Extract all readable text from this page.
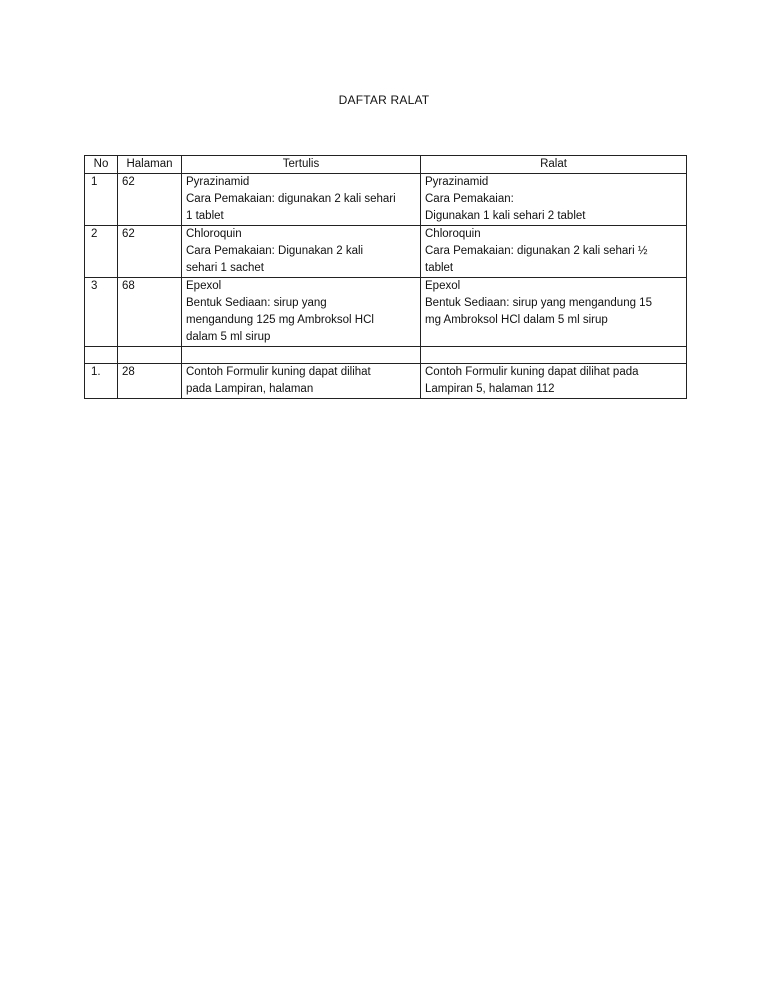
DAFTAR RALAT
No	Halaman	Tertulis	Ralat
1	62	Pyrazinamid
Cara Pemakaian: digunakan 2 kali sehari
1 tablet	Pyrazinamid
Cara Pemakaian:
Digunakan 1 kali sehari 2 tablet

2	62	Chloroquin
Cara Pemakaian: Digunakan 2 kali
sehari 1 sachet	Chloroquin
Cara Pemakaian: digunakan 2 kali sehari ½
tablet

3	68	Epexol
Bentuk Sediaan: sirup yang
mengandung 125 mg Ambroksol HCl
dalam 5 ml sirup	Epexol
Bentuk Sediaan: sirup yang mengandung 15
mg Ambroksol HCl dalam 5 ml sirup

1.	28	Contoh Formulir kuning dapat dilihat
pada Lampiran, halaman	Contoh Formulir kuning dapat dilihat pada
Lampiran 5, halaman 112
